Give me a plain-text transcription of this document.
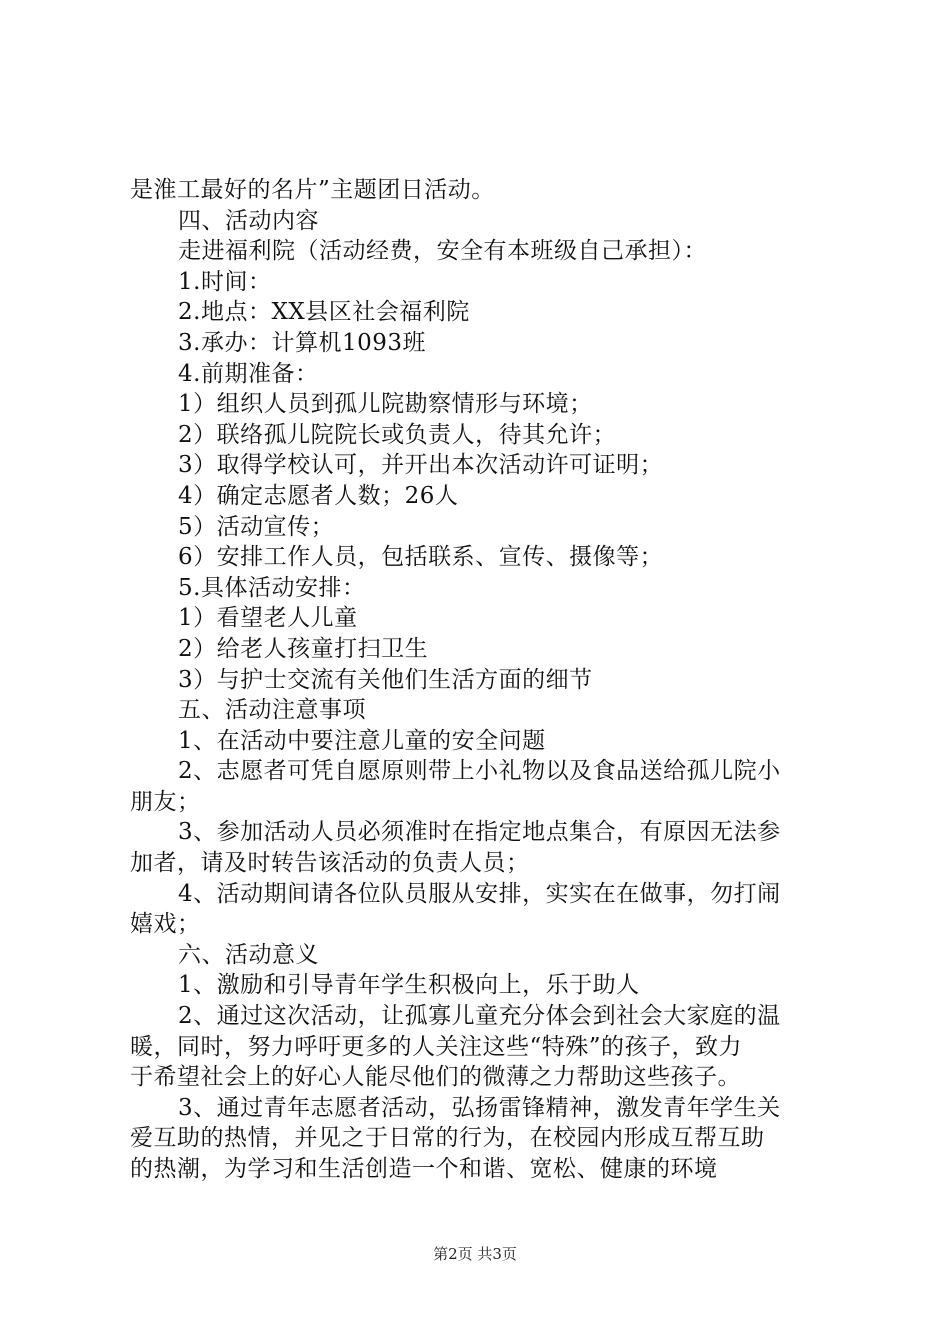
是淮工最好的名片”主题团日活动。
四、活动内容
走进福利院（活动经费，安全有本班级自己承担）：
1.时间：
2.地点：XX县区社会福利院
3.承办：计算机1093班
4.前期准备：
1）组织人员到孤儿院勘察情形与环境；
2）联络孤儿院院长或负责人，待其允许；
3）取得学校认可，并开出本次活动许可证明；
4）确定志愿者人数；26人
5）活动宣传；
6）安排工作人员，包括联系、宣传、摄像等；
5.具体活动安排：
1）看望老人儿童
2）给老人孩童打扫卫生
3）与护士交流有关他们生活方面的细节
五、活动注意事项
1、在活动中要注意儿童的安全问题
2、志愿者可凭自愿原则带上小礼物以及食品送给孤儿院小
朋友；
3、参加活动人员必须准时在指定地点集合，有原因无法参
加者，请及时转告该活动的负责人员；
4、活动期间请各位队员服从安排，实实在在做事，勿打闹
嬉戏；
六、活动意义
1、激励和引导青年学生积极向上，乐于助人
2、通过这次活动，让孤寡儿童充分体会到社会大家庭的温
暖，同时，努力呼吁更多的人关注这些“特殊”的孩子，致力
于希望社会上的好心人能尽他们的微薄之力帮助这些孩子。
3、通过青年志愿者活动，弘扬雷锋精神，激发青年学生关
爱互助的热情，并见之于日常的行为，在校园内形成互帮互助
的热潮，为学习和生活创造一个和谐、宽松、健康的环境
第2页 共3页
